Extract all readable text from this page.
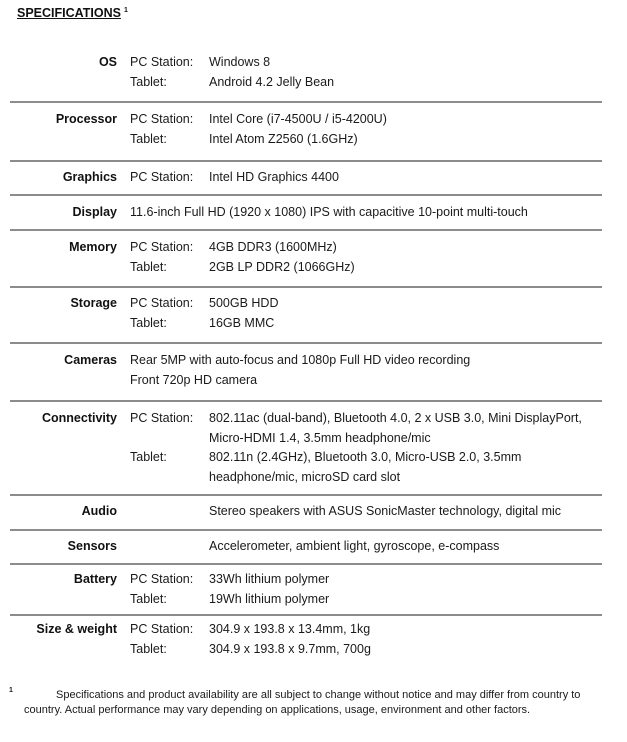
SPECIFICATIONS $^1$
OS PC Station: Windows 8
Tablet:	Android 4.2 Jelly Bean
Processor PC Station: Intel Core (i7-4500U / i5-4200U)
Tablet:	Intel Atom Z2560 (1.6GHz)
Graphics PC Station: Intel HD Graphics 4400
Display 11.6-inch Full HD (1920 x 1080) IPS with capacitive 10-point multi-touch
Memory PC Station: 4GB DDR3 (1600MHz)
Tablet:	2GB LP DDR2 (1066GHz)
Storage PC Station: 500GB HDD
Tablet:	16GB MMC
Cameras Rear 5MP with auto-focus and 1080p Full HD video recording
Front 720p HD camera
Connectivity PC Station: 802.11ac (dual-band), Bluetooth 4.0, 2 x USB 3.0, Mini DisplayPort,
Micro-HDMI 1.4, 3.5mm headphone/mic
Tablet:	802.11n (2.4GHz), Bluetooth 3.0, Micro-USB 2.0, 3.5mm
headphone/mic, microSD card slot
Audio	Stereo speakers with ASUS SonicMaster technology, digital mic
Sensors	Accelerometer, ambient light, gyroscope, e-compass
Battery PC Station: 33Wh lithium polymer
Tablet:	19Wh lithium polymer
Size & weight PC Station: 304.9 x 193.8 x 13.4mm, 1kg
Tablet:	304.9 x 193.8 x 9.7mm, 700g
1	Specifications and product availability are all subject to change without notice and may differ from country to country. Actual performance may vary depending on applications, usage, environment and other factors.
